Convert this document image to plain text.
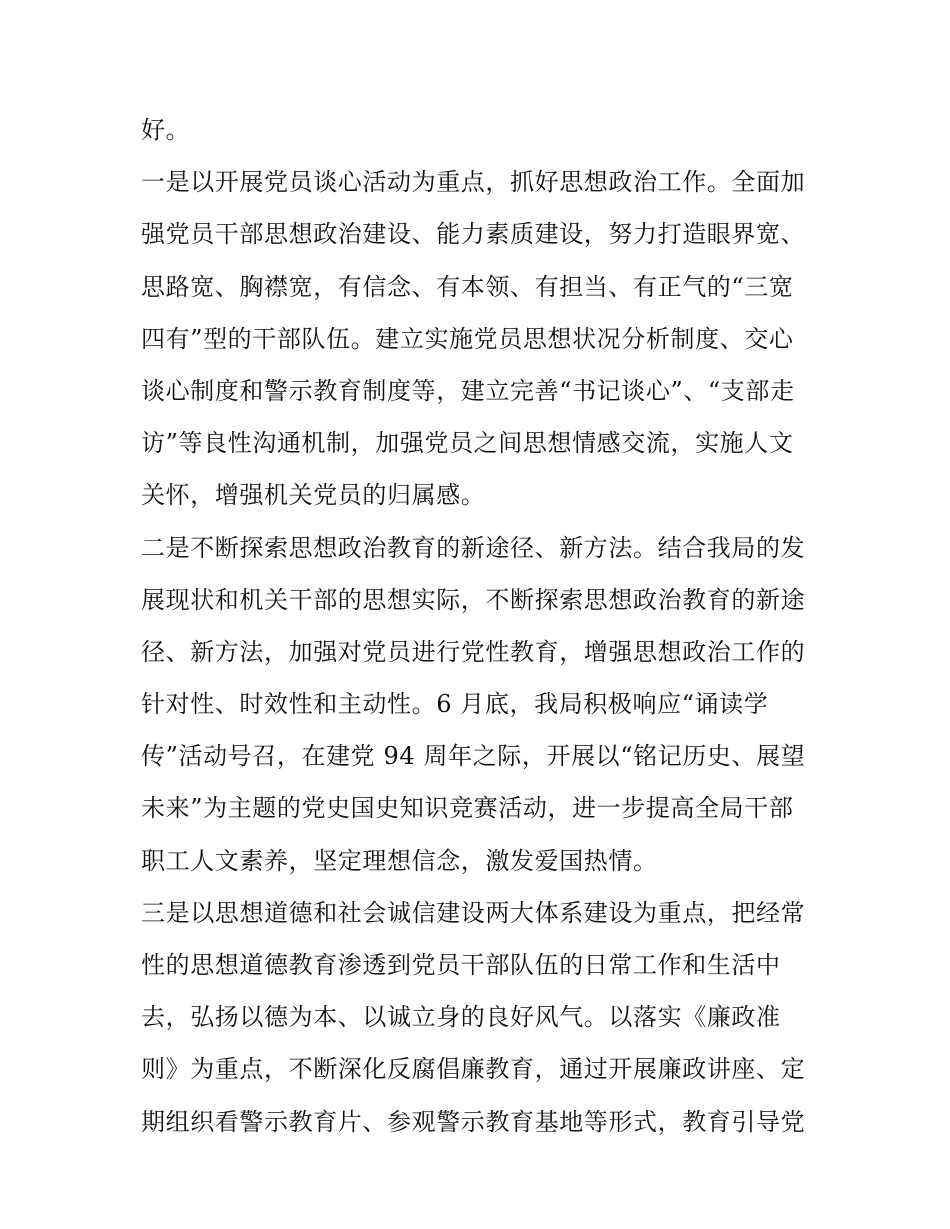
好。
一是以开展党员谈心活动为重点，抓好思想政治工作。全面加
强党员干部思想政治建设、能力素质建设，努力打造眼界宽、
思路宽、胸襟宽，有信念、有本领、有担当、有正气的“三宽
四有”型的干部队伍。建立实施党员思想状况分析制度、交心
谈心制度和警示教育制度等，建立完善“书记谈心”、“支部走
访”等良性沟通机制，加强党员之间思想情感交流，实施人文
关怀，增强机关党员的归属感。
二是不断探索思想政治教育的新途径、新方法。结合我局的发
展现状和机关干部的思想实际，不断探索思想政治教育的新途
径、新方法，加强对党员进行党性教育，增强思想政治工作的
针对性、时效性和主动性。6 月底，我局积极响应“诵读学
传”活动号召，在建党 94 周年之际，开展以“铭记历史、展望
未来”为主题的党史国史知识竞赛活动，进一步提高全局干部
职工人文素养，坚定理想信念，激发爱国热情。
三是以思想道德和社会诚信建设两大体系建设为重点，把经常
性的思想道德教育渗透到党员干部队伍的日常工作和生活中
去，弘扬以德为本、以诚立身的良好风气。以落实《廉政准
则》为重点，不断深化反腐倡廉教育，通过开展廉政讲座、定
期组织看警示教育片、参观警示教育基地等形式，教育引导党
